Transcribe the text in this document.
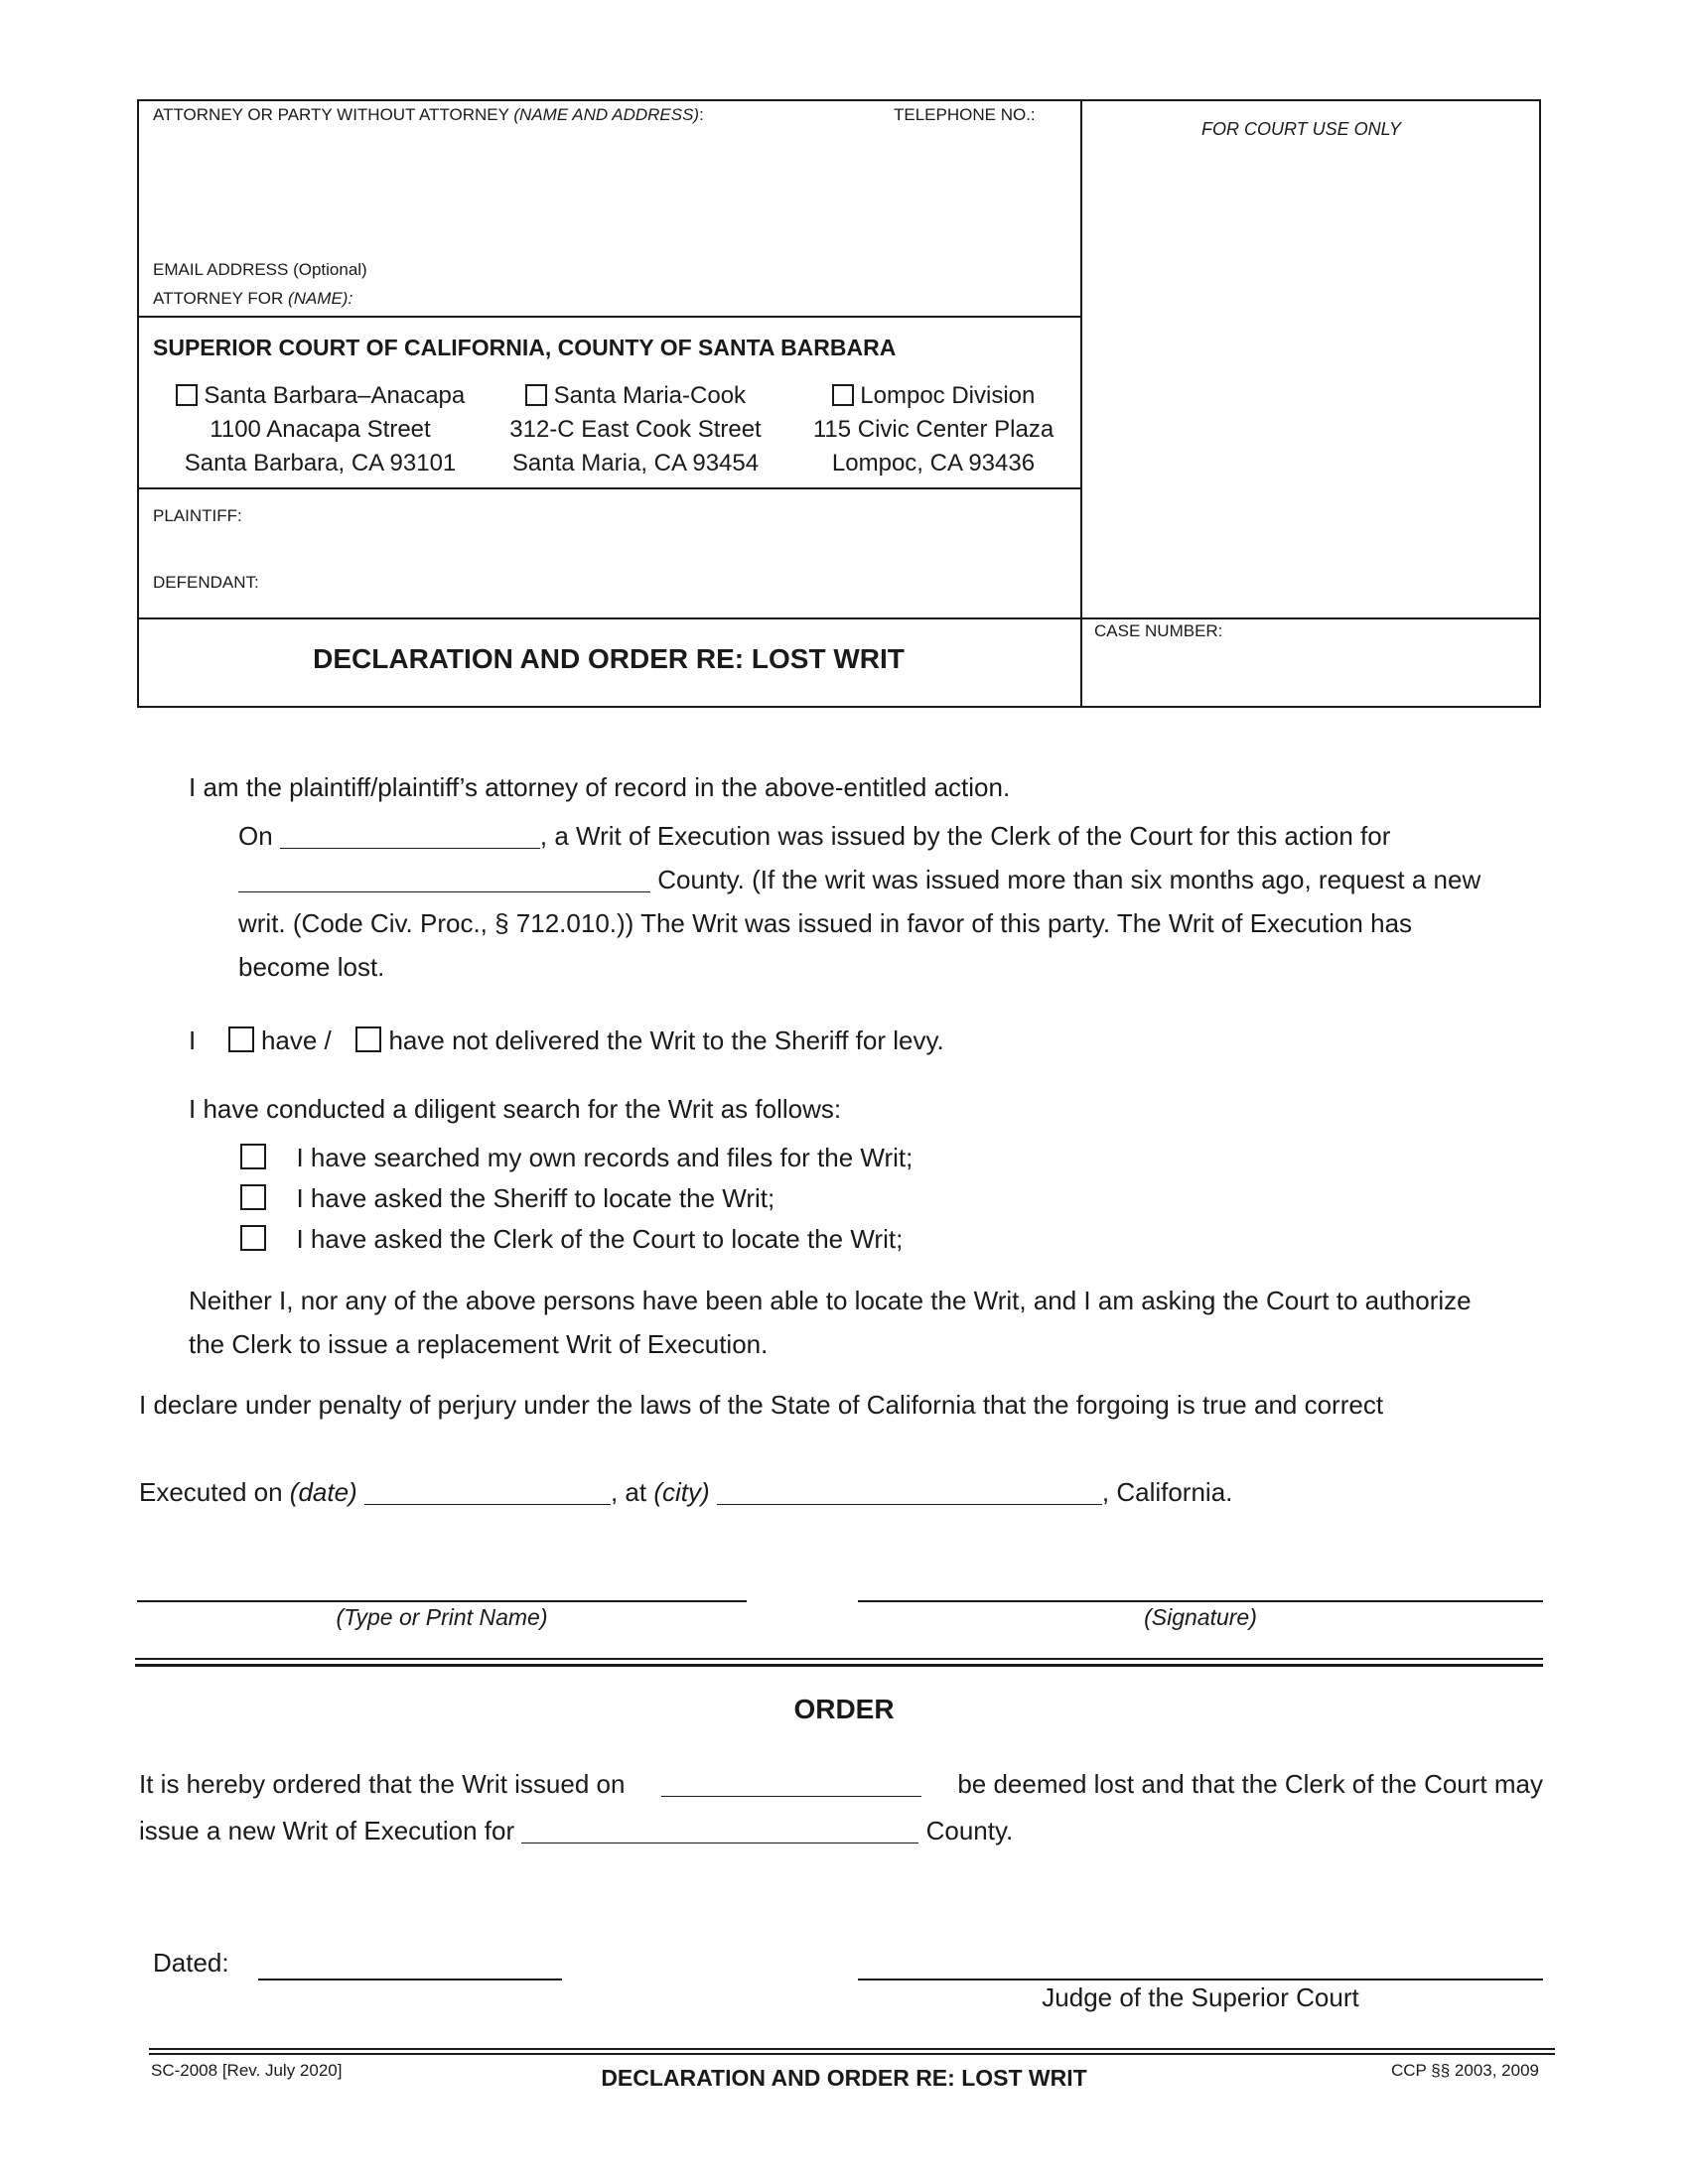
ATTORNEY OR PARTY WITHOUT ATTORNEY (NAME AND ADDRESS):	TELEPHONE NO.:
EMAIL ADDRESS (Optional)
ATTORNEY FOR (NAME):
FOR COURT USE ONLY
SUPERIOR COURT OF CALIFORNIA, COUNTY OF SANTA BARBARA
Santa Barbara–Anacapa
1100 Anacapa Street
Santa Barbara, CA 93101
Santa Maria-Cook
312-C East Cook Street
Santa Maria, CA 93454
Lompoc Division
115 Civic Center Plaza
Lompoc, CA 93436
PLAINTIFF:
DEFENDANT:
DECLARATION AND ORDER RE: LOST WRIT
CASE NUMBER:
I am the plaintiff/plaintiff’s attorney of record in the above-entitled action.
On	, a Writ of Execution was issued by the Clerk of the Court for this action for
County. (If the writ was issued more than six months ago, request a new
writ. (Code Civ. Proc., § 712.010.)) The Writ was issued in favor of this party. The Writ of Execution has
become lost.
I	have / have not delivered the Writ to the Sheriff for levy.
I have conducted a diligent search for the Writ as follows:
I have searched my own records and files for the Writ;
I have asked the Sheriff to locate the Writ;
I have asked the Clerk of the Court to locate the Writ;
Neither I, nor any of the above persons have been able to locate the Writ, and I am asking the Court to authorize
the Clerk to issue a replacement Writ of Execution.
I declare under penalty of perjury under the laws of the State of California that the forgoing is true and correct
Executed on (date)	, at (city)	, California.
(Type or Print Name)	(Signature)
ORDER
It is hereby ordered that the Writ issued on	be deemed lost and that the Clerk of the Court may
issue a new Writ of Execution for	County.
Dated:
Judge of the Superior Court
SC-2008 [Rev. July 2020]	DECLARATION AND ORDER RE: LOST WRIT	CCP §§ 2003, 2009
